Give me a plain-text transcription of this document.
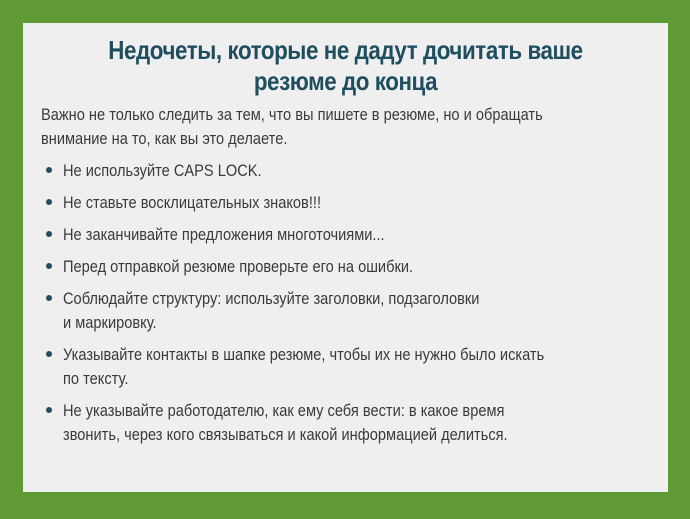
Недочеты, которые не дадут дочитать ваше
резюме до конца
Важно не только следить за тем, что вы пишете в резюме, но и обращать
внимание на то, как вы это делаете.
Не используйте CAPS LOCK.
Не ставьте восклицательных знаков!!!
Не заканчивайте предложения многоточиями...
Перед отправкой резюме проверьте его на ошибки.
Соблюдайте структуру: используйте заголовки, подзаголовки
и маркировку.
Указывайте контакты в шапке резюме, чтобы их не нужно было искать
по тексту.
Не указывайте работодателю, как ему себя вести: в какое время
звонить, через кого связываться и какой информацией делиться.
